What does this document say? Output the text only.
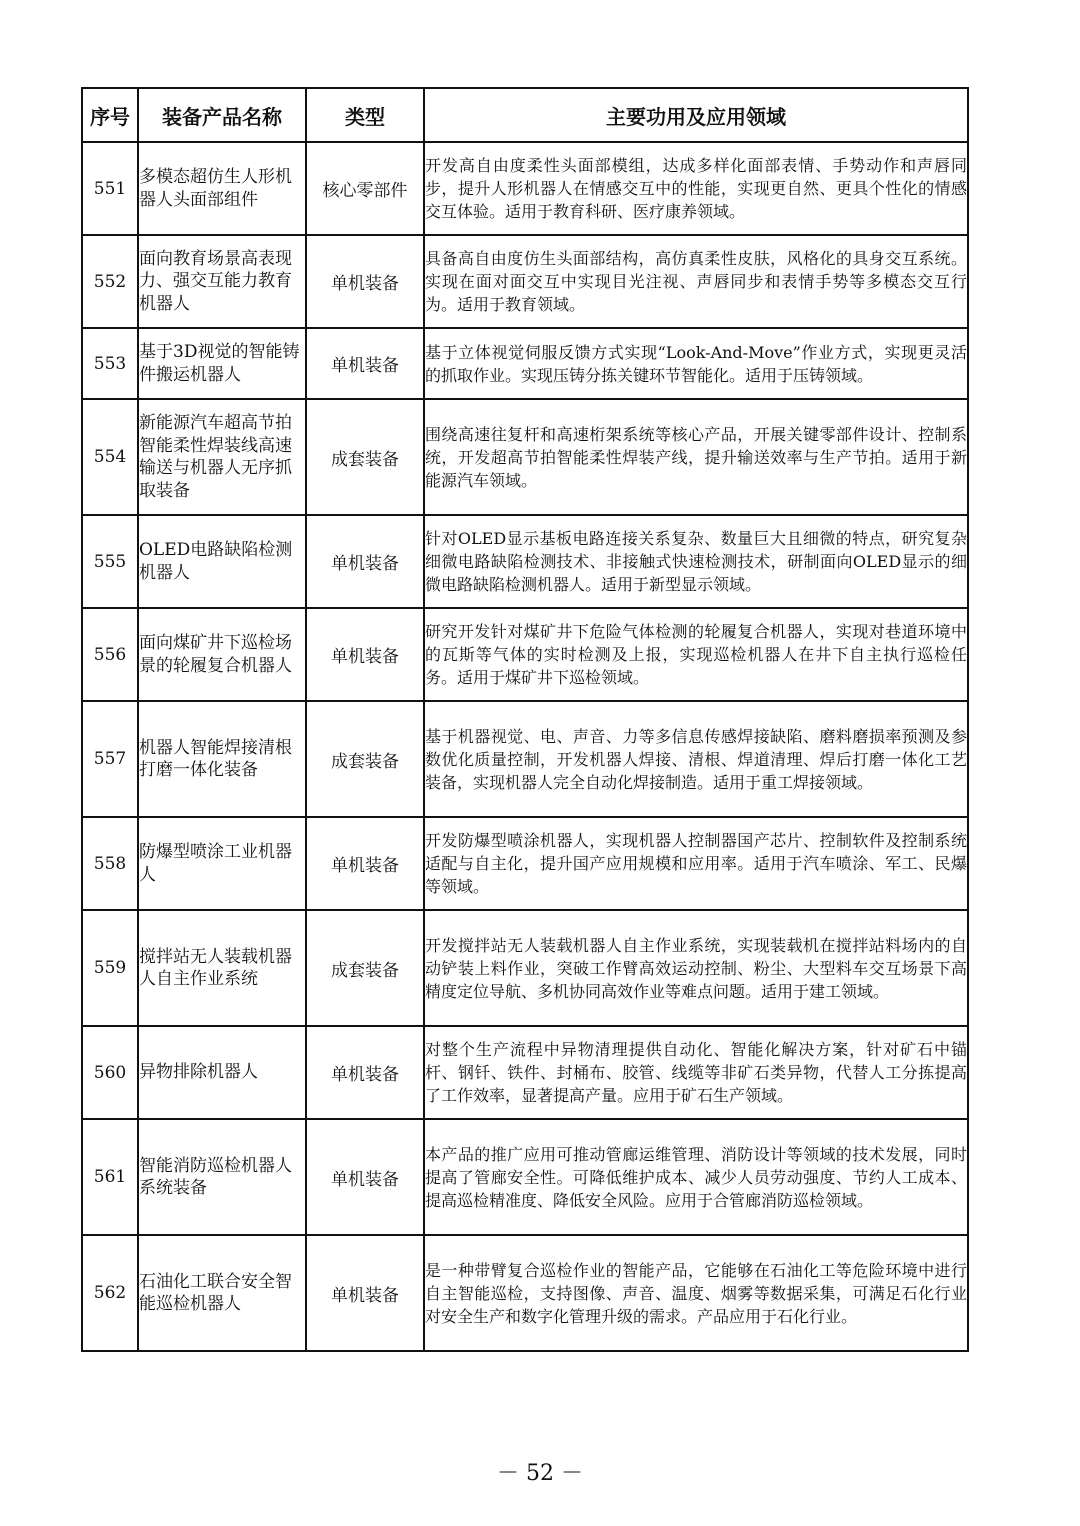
序号	装备产品名称	类型	主要功用及应用领域
551	多模态超仿生人形机器人头面部组件	核心零部件	开发高自由度柔性头面部模组，达成多样化面部表情、手势动作和声唇同步，提升人形机器人在情感交互中的性能，实现更自然、更具个性化的情感交互体验。适用于教育科研、医疗康养领域。
552	面向教育场景高表现力、强交互能力教育机器人	单机装备	具备高自由度仿生头面部结构，高仿真柔性皮肤，风格化的具身交互系统。实现在面对面交互中实现目光注视、声唇同步和表情手势等多模态交互行为。适用于教育领域。
553	基于3D视觉的智能铸件搬运机器人	单机装备	基于立体视觉伺服反馈方式实现“Look-And-Move”作业方式，实现更灵活的抓取作业。实现压铸分拣关键环节智能化。适用于压铸领域。
554	新能源汽车超高节拍智能柔性焊装线高速输送与机器人无序抓取装备	成套装备	围绕高速往复杆和高速桁架系统等核心产品，开展关键零部件设计、控制系统，开发超高节拍智能柔性焊装产线，提升输送效率与生产节拍。适用于新能源汽车领域。
555	OLED电路缺陷检测机器人	单机装备	针对OLED显示基板电路连接关系复杂、数量巨大且细微的特点，研究复杂细微电路缺陷检测技术、非接触式快速检测技术，研制面向OLED显示的细微电路缺陷检测机器人。适用于新型显示领域。
556	面向煤矿井下巡检场景的轮履复合机器人	单机装备	研究开发针对煤矿井下危险气体检测的轮履复合机器人，实现对巷道环境中的瓦斯等气体的实时检测及上报，实现巡检机器人在井下自主执行巡检任务。适用于煤矿井下巡检领域。
557	机器人智能焊接清根打磨一体化装备	成套装备	基于机器视觉、电、声音、力等多信息传感焊接缺陷、磨料磨损率预测及参数优化质量控制，开发机器人焊接、清根、焊道清理、焊后打磨一体化工艺装备，实现机器人完全自动化焊接制造。适用于重工焊接领域。
558	防爆型喷涂工业机器人	单机装备	开发防爆型喷涂机器人，实现机器人控制器国产芯片、控制软件及控制系统适配与自主化，提升国产应用规模和应用率。适用于汽车喷涂、军工、民爆等领域。
559	搅拌站无人装载机器人自主作业系统	成套装备	开发搅拌站无人装载机器人自主作业系统，实现装载机在搅拌站料场内的自动铲装上料作业，突破工作臂高效运动控制、粉尘、大型料车交互场景下高精度定位导航、多机协同高效作业等难点问题。适用于建工领域。
560	异物排除机器人	单机装备	对整个生产流程中异物清理提供自动化、智能化解决方案，针对矿石中锚杆、钢钎、铁件、封桶布、胶管、线缆等非矿石类异物，代替人工分拣提高了工作效率，显著提高产量。应用于矿石生产领域。
561	智能消防巡检机器人系统装备	单机装备	本产品的推广应用可推动管廊运维管理、消防设计等领域的技术发展，同时提高了管廊安全性。可降低维护成本、减少人员劳动强度、节约人工成本、提高巡检精准度、降低安全风险。应用于合管廊消防巡检领域。
562	石油化工联合安全智能巡检机器人	单机装备	是一种带臂复合巡检作业的智能产品，它能够在石油化工等危险环境中进行自主智能巡检，支持图像、声音、温度、烟雾等数据采集，可满足石化行业对安全生产和数字化管理升级的需求。产品应用于石化行业。
－ 52 －
